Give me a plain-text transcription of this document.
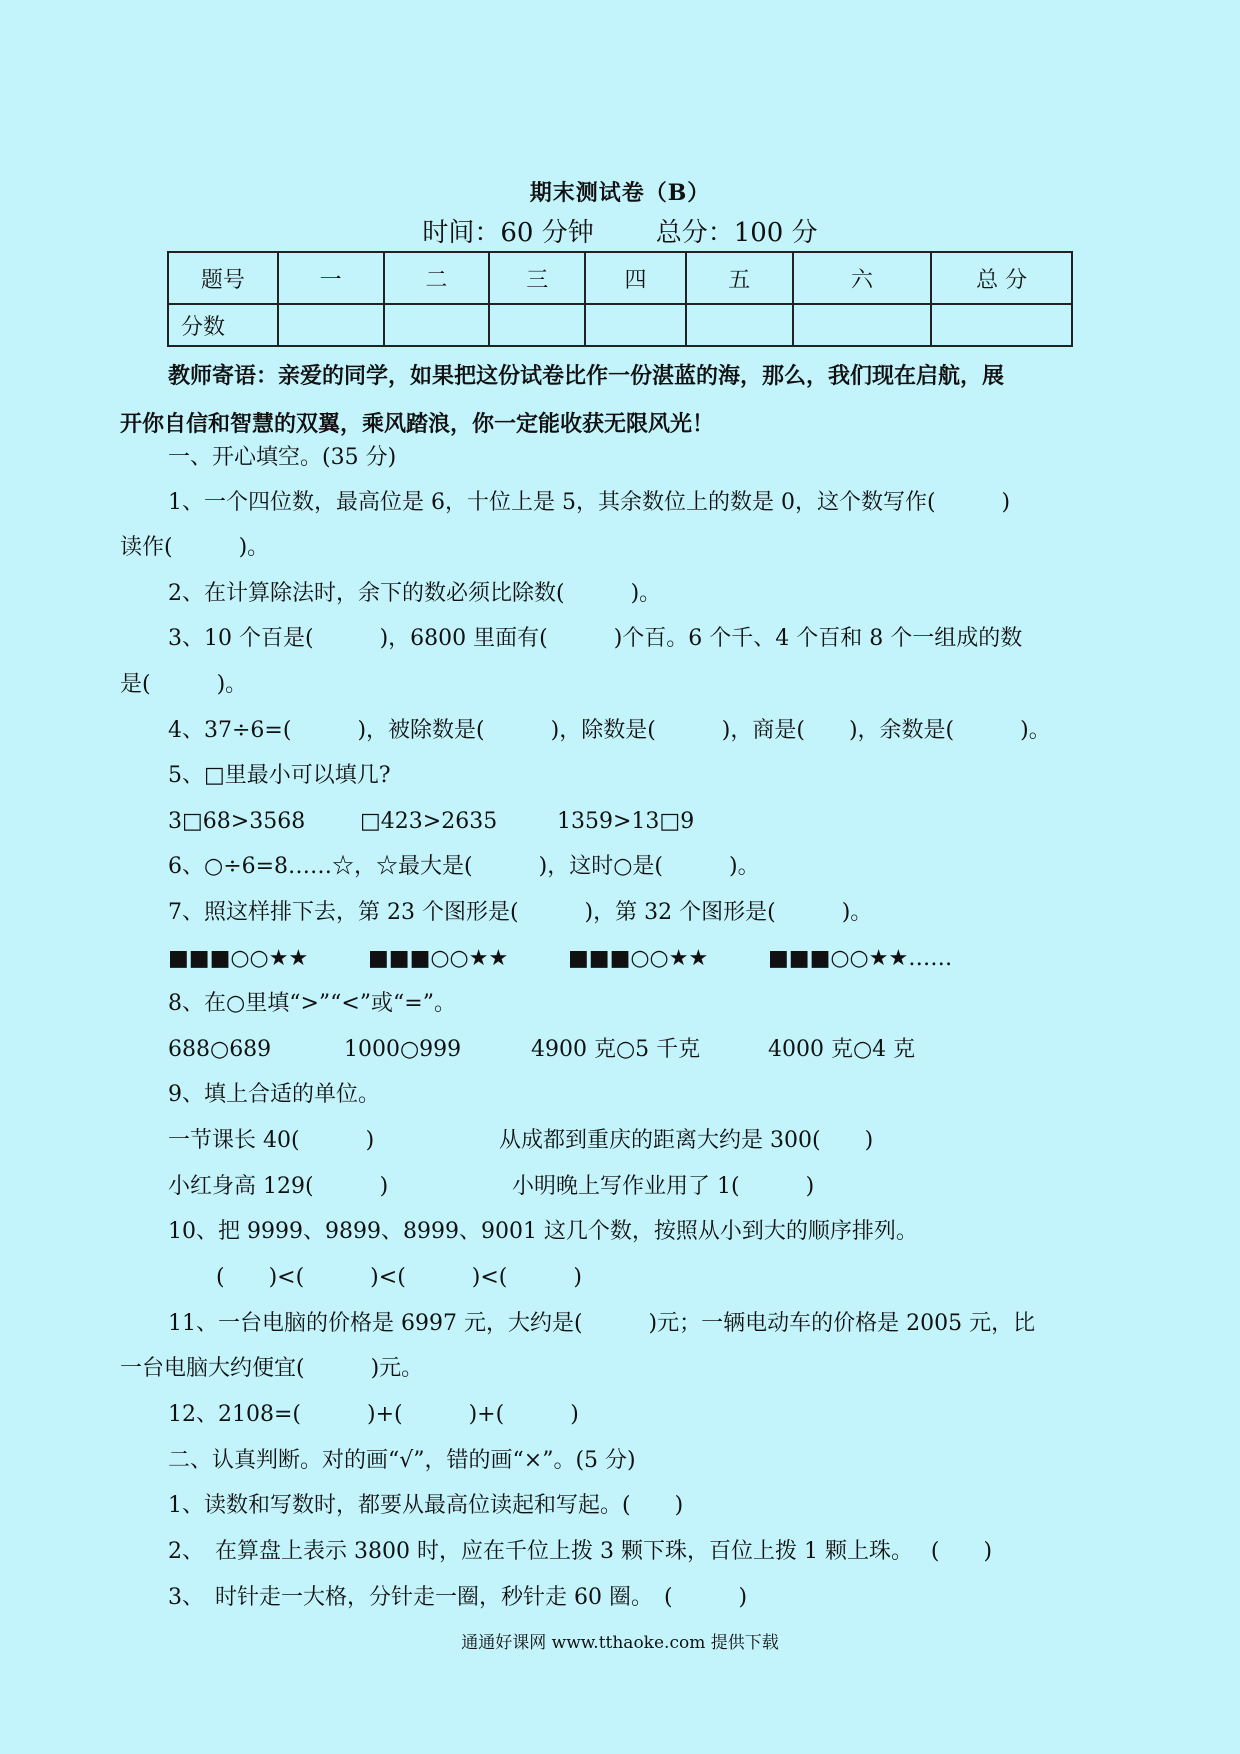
期末测试卷（B）
时间：60 分钟 总分：100 分
题号	一	二	三	四	五	六	总 分
分数							
教师寄语：亲爱的同学，如果把这份试卷比作一份湛蓝的海，那么，我们现在启航，展
开你自信和智慧的双翼，乘风踏浪，你一定能收获无限风光！
一、开心填空。(35 分)
1、一个四位数，最高位是 6，十位上是 5，其余数位上的数是 0，这个数写作(　　　)
读作(　　　)。
2、在计算除法时，余下的数必须比除数(　　　)。
3、10 个百是(　　　)，6800 里面有(　　　)个百。6 个千、4 个百和 8 个一组成的数
是(　　　)。
4、37÷6=(　　　)，被除数是(　　　)，除数是(　　　)，商是(　　)，余数是(　　　)。
5、□里最小可以填几?
3□68>3568 □423>2635	1359>13□9
6、○÷6=8……☆，☆最大是(　　　)，这时○是(　　　)。
7、照这样排下去，第 23 个图形是(　　　)，第 32 个图形是(　　　)。
■■■○○★★	■■■○○★★	■■■○○★★	■■■○○★★……
8、在○里填“>”“<”或“=”。
688○689	1000○999	4900 克○5 千克	4000 克○4 克
9、填上合适的单位。
一节课长 40(　　　)	从成都到重庆的距离大约是 300(　　)
小红身高 129(　　　)	小明晚上写作业用了 1(　　　)
10、把 9999、9899、8999、9001 这几个数，按照从小到大的顺序排列。
(　　)<(　　　)<(　　　)<(　　　)
11、一台电脑的价格是 6997 元，大约是(　　　)元；一辆电动车的价格是 2005 元，比
一台电脑大约便宜(　　　)元。
12、2108=(　　　)+(　　　)+(　　　)
二、认真判断。对的画“√”，错的画“×”。(5 分)
1、读数和写数时，都要从最高位读起和写起。(　　)
2、　在算盘上表示 3800 时，应在千位上拨 3 颗下珠，百位上拨 1 颗上珠。　 (　　)
3、　时针走一大格，分针走一圈，秒针走 60 圈。　(　　　)
通通好课网 www.tthaoke.com 提供下载
